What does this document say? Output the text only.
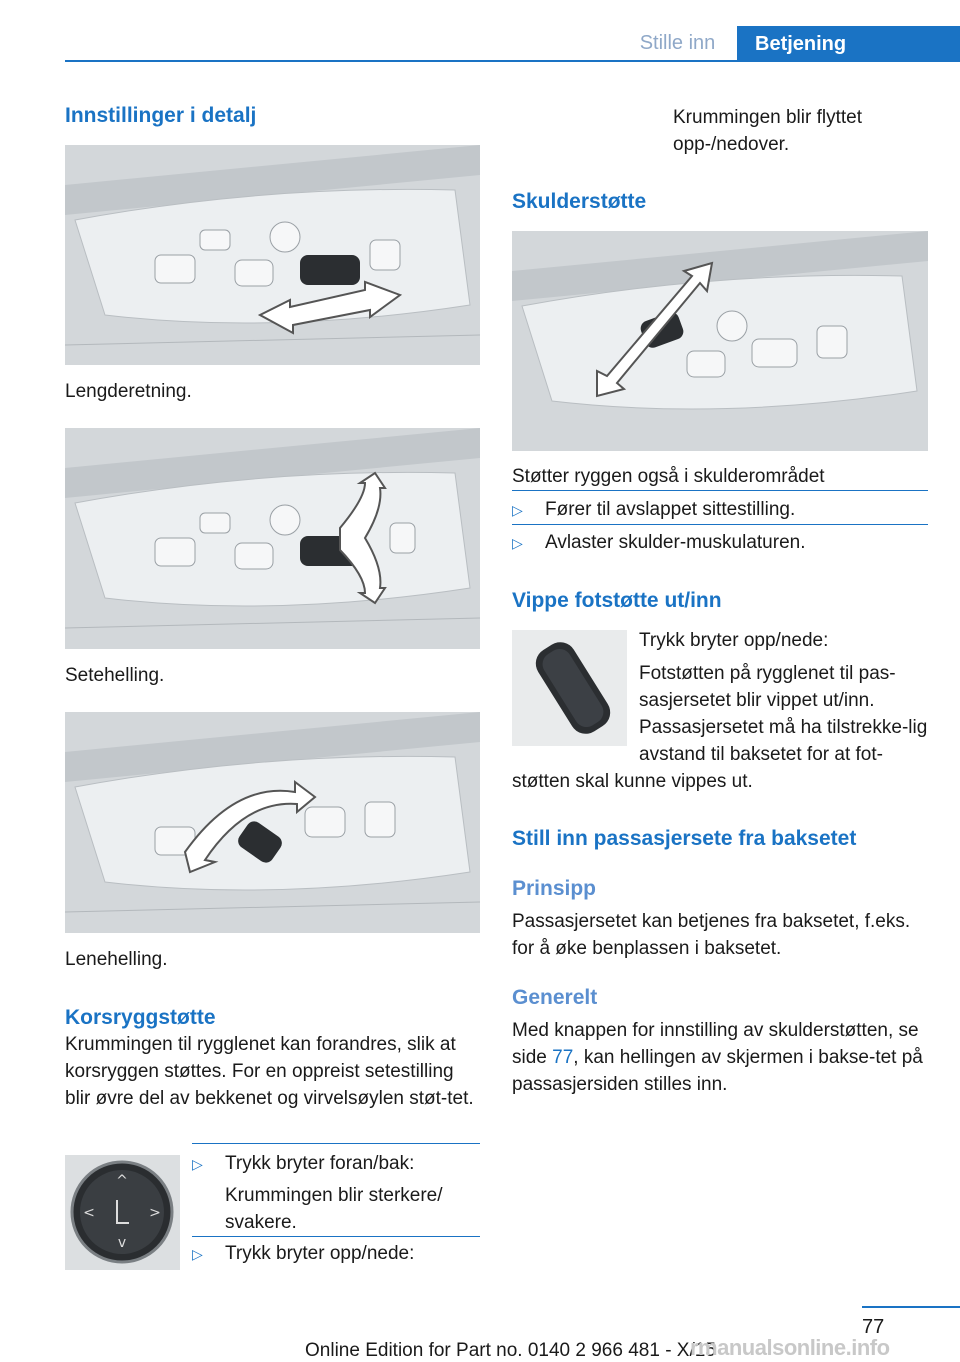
Stille inn	Betjening
Innstillinger i detalj
Lengderetning.
Setehelling.
Lenehelling.
Korsryggstøtte
Krummingen til rygglenet kan forandres, slik at korsryggen støttes. For en oppreist setestilling blir øvre del av bekkenet og virvelsøylen støt-tet.
^
v
<	>
▷	Trykk bryter foran/bak:
Krummingen blir sterkere/ svakere.
▷	Trykk bryter opp/nede:
Krummingen blir flyttet opp-/nedover.
Skulderstøtte
Støtter ryggen også i skulderområdet
▷	Fører til avslappet sittestilling.
▷	Avlaster skulder-muskulaturen.
Vippe fotstøtte ut/inn
Trykk bryter opp/nede:
Fotstøtten på rygglenet til pas-sasjersetet blir vippet ut/inn.
Passasjersetet må ha tilstrekke-lig avstand til baksetet for at fot-
støtten skal kunne vippes ut.
Still inn passasjersete fra baksetet
Prinsipp
Passasjersetet kan betjenes fra baksetet, f.eks. for å øke benplassen i baksetet.
Generelt
Med knappen for innstilling av skulderstøtten, se side 77, kan hellingen av skjermen i bakse-tet på passasjersiden stilles inn.
77
Online Edition for Part no. 0140 2 966 481 - X/15
rmanualsonline.info
